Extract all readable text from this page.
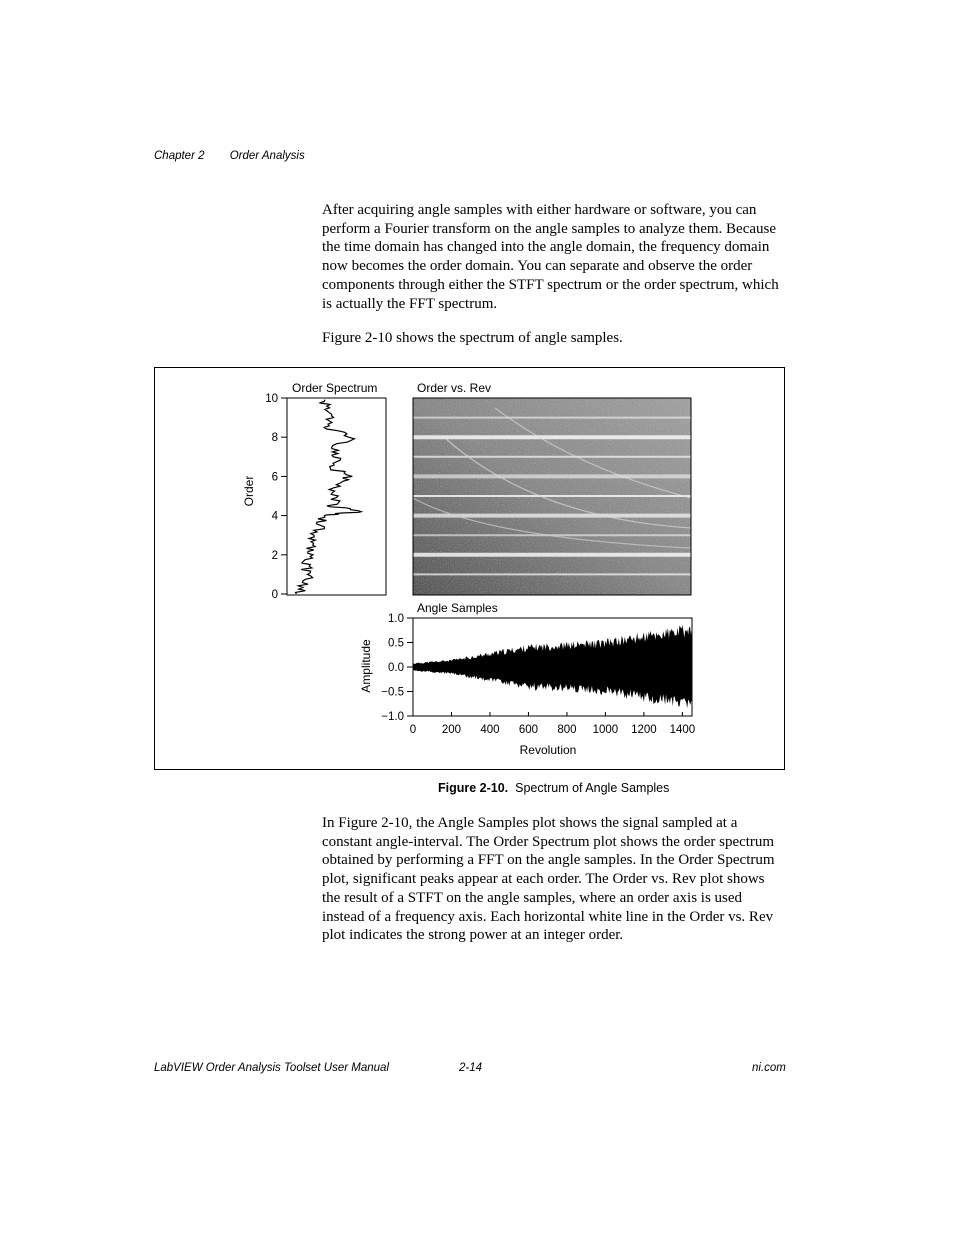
Chapter 2 Order Analysis
After acquiring angle samples with either hardware or software, you can perform a Fourier transform on the angle samples to analyze them. Because the time domain has changed into the angle domain, the frequency domain now becomes the order domain. You can separate and observe the order components through either the STFT spectrum or the order spectrum, which is actually the FFT spectrum.
Figure 2-10 shows the spectrum of angle samples.
Order Spectrum
0
2
4
6
8
10
Order
Order vs. Rev
Angle Samples
1.0
0.5
0.0
−0.5
−1.0
0 200 400 600 800 1000 1200 1400
Amplitude
Revolution
Figure 2-10. Spectrum of Angle Samples
In Figure 2-10, the Angle Samples plot shows the signal sampled at a constant angle-interval. The Order Spectrum plot shows the order spectrum obtained by performing a FFT on the angle samples. In the Order Spectrum plot, significant peaks appear at each order. The Order vs. Rev plot shows the result of a STFT on the angle samples, where an order axis is used instead of a frequency axis. Each horizontal white line in the Order vs. Rev plot indicates the strong power at an integer order.
LabVIEW Order Analysis Toolset User Manual	2-14	ni.com
